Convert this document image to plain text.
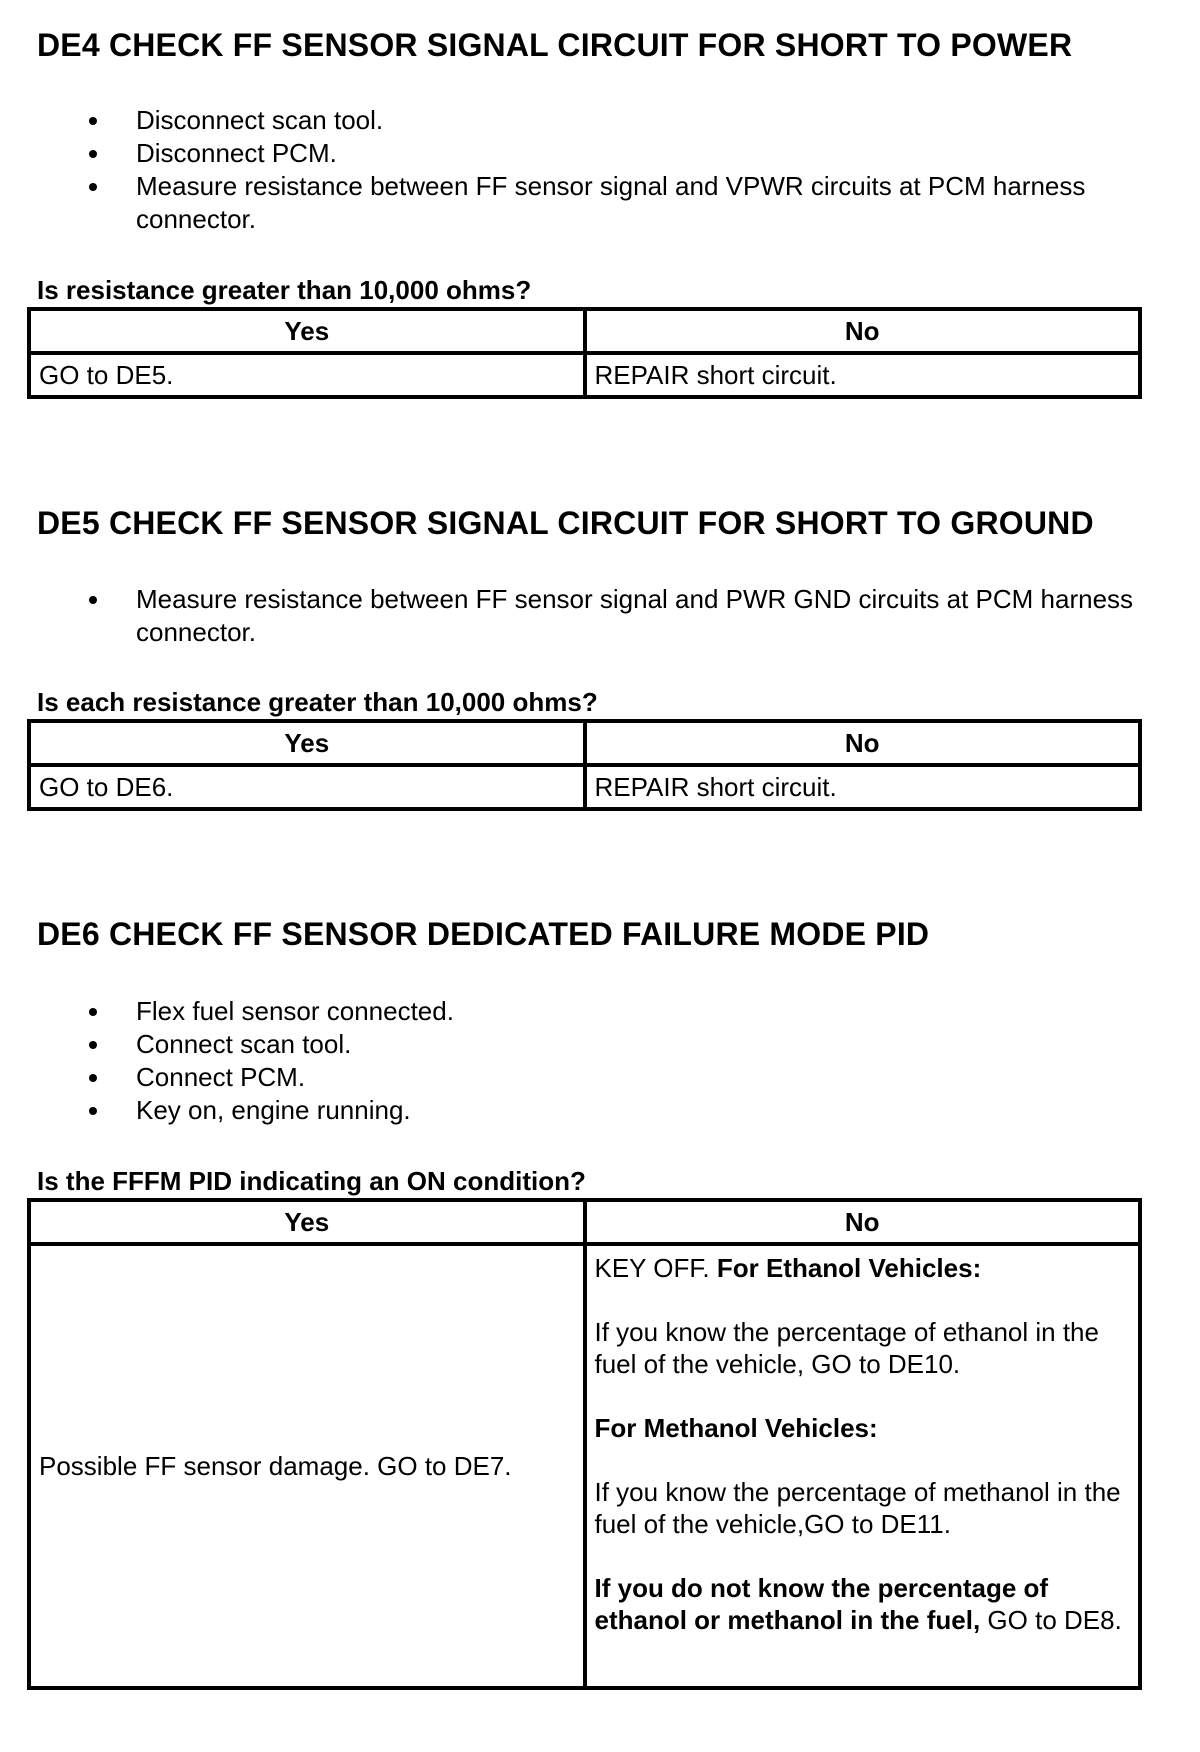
DE4 CHECK FF SENSOR SIGNAL CIRCUIT FOR SHORT TO POWER
Disconnect scan tool.
Disconnect PCM.
Measure resistance between FF sensor signal and VPWR circuits at PCM harness connector.

Is resistance greater than 10,000 ohms?

Yes	No
GO to DE5.	REPAIR short circuit.
DE5 CHECK FF SENSOR SIGNAL CIRCUIT FOR SHORT TO GROUND
Measure resistance between FF sensor signal and PWR GND circuits at PCM harness connector.

Is each resistance greater than 10,000 ohms?

Yes	No
GO to DE6.	REPAIR short circuit.
DE6 CHECK FF SENSOR DEDICATED FAILURE MODE PID
Flex fuel sensor connected.
Connect scan tool.
Connect PCM.
Key on, engine running.

Is the FFFM PID indicating an ON condition?

Yes	No
Possible FF sensor damage. GO to DE7.	KEY OFF. For Ethanol Vehicles:

If you know the percentage of ethanol in the fuel of the vehicle, GO to DE10.

For Methanol Vehicles:

If you know the percentage of methanol in the fuel of the vehicle,GO to DE11.

If you do not know the percentage of ethanol or methanol in the fuel, GO to DE8.
